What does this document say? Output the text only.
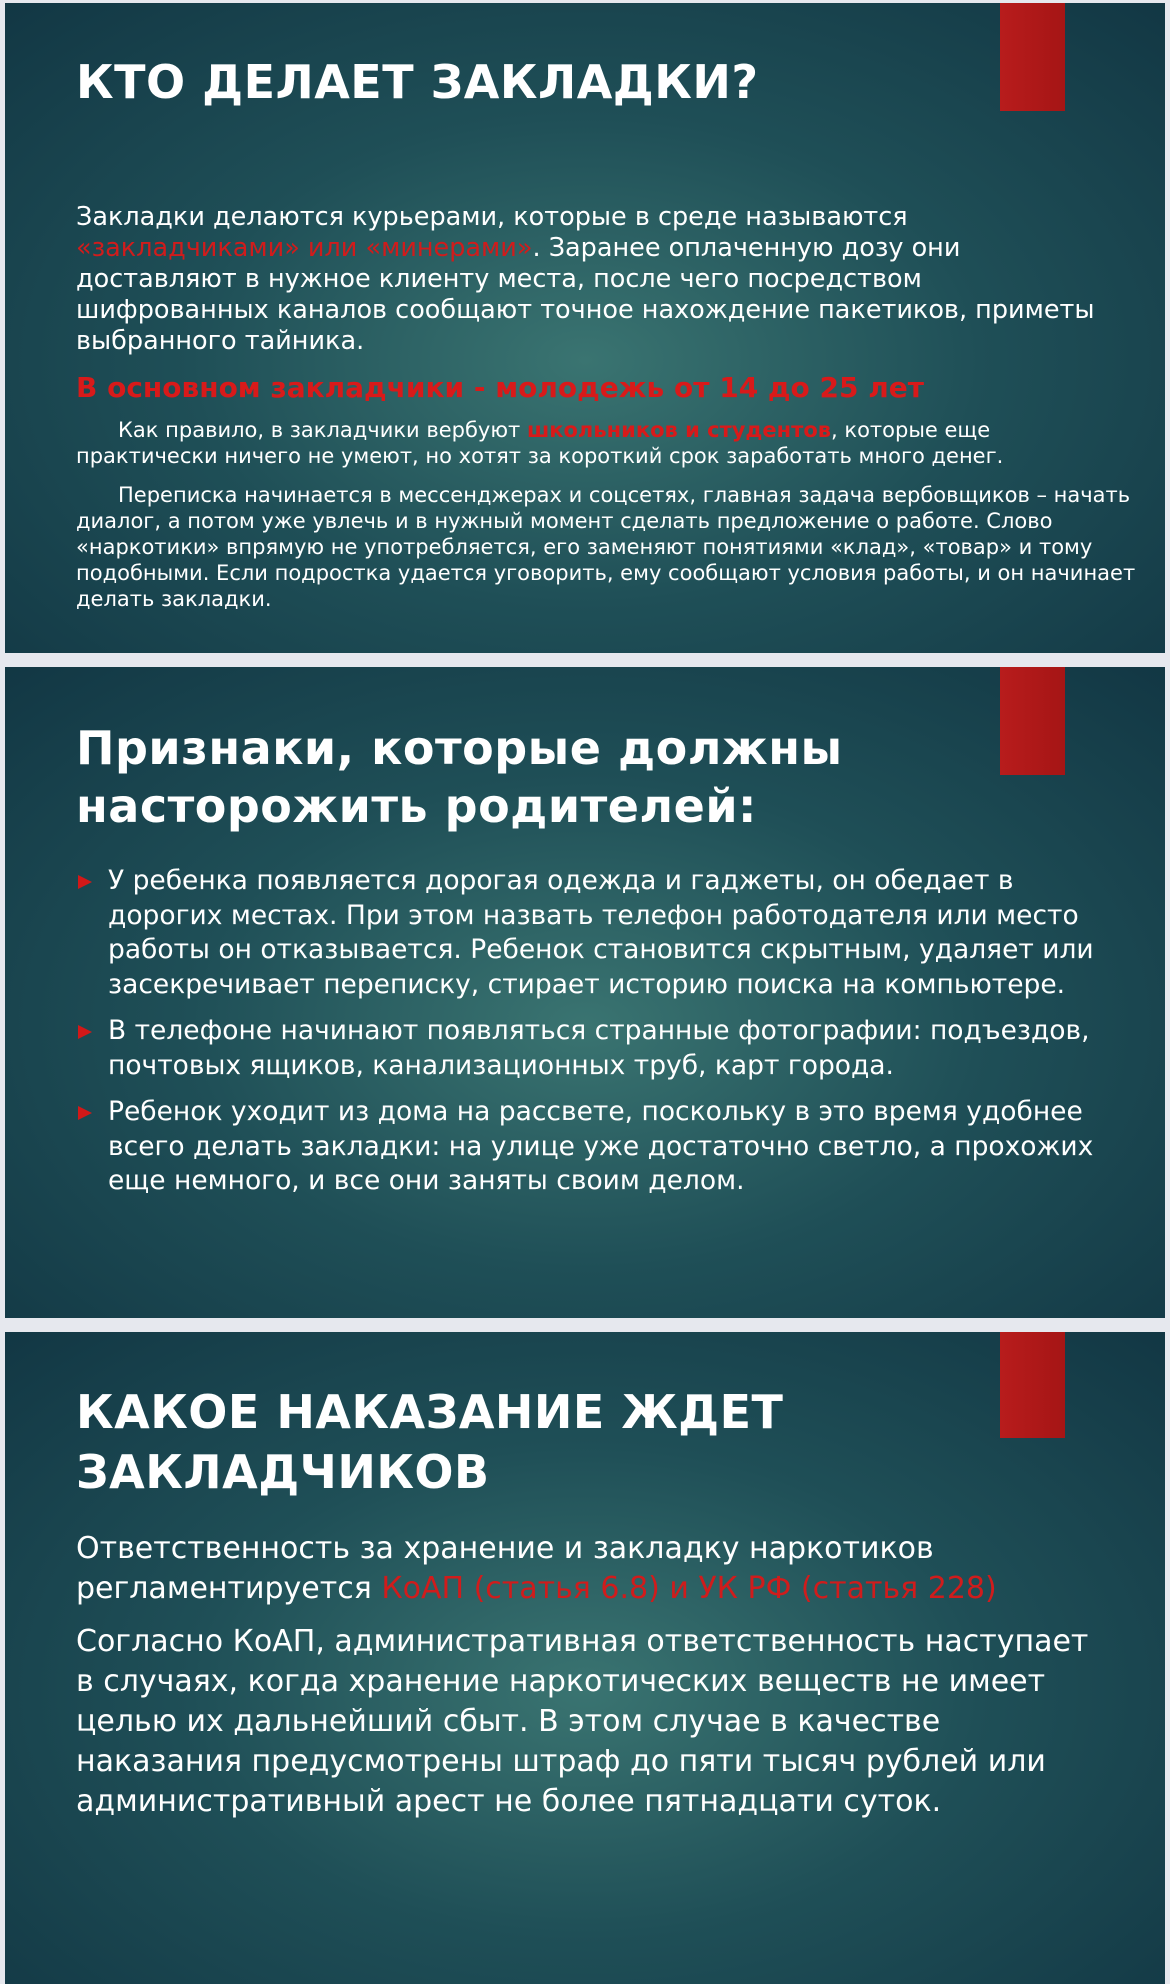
КТО ДЕЛАЕТ ЗАКЛАДКИ?

Закладки делаются курьерами, которые в среде называются «закладчиками» или «минерами». Заранее оплаченную дозу они доставляют в нужное клиенту места, после чего посредством шифрованных каналов сообщают точное нахождение пакетиков, приметы выбранного тайника.

В основном закладчики - молодежь от 14 до 25 лет

Как правило, в закладчики вербуют школьников и студентов, которые еще практически ничего не умеют, но хотят за короткий срок заработать много денег.

Переписка начинается в мессенджерах и соцсетях, главная задача вербовщиков – начать диалог, а потом уже увлечь и в нужный момент сделать предложение о работе. Слово «наркотики» впрямую не употребляется, его заменяют понятиями «клад», «товар» и тому подобными. Если подростка удается уговорить, ему сообщают условия работы, и он начинает делать закладки.

Признаки, которые должны насторожить родителей:
У ребенка появляется дорогая одежда и гаджеты, он обедает в дорогих местах. При этом назвать телефон работодателя или место работы он отказывается. Ребенок становится скрытным, удаляет или засекречивает переписку, стирает историю поиска на компьютере.
В телефоне начинают появляться странные фотографии: подъездов, почтовых ящиков, канализационных труб, карт города.
Ребенок уходит из дома на рассвете, поскольку в это время удобнее всего делать закладки: на улице уже достаточно светло, а прохожих еще немного, и все они заняты своим делом.
КАКОЕ НАКАЗАНИЕ ЖДЕТ ЗАКЛАДЧИКОВ

Ответственность за хранение и закладку наркотиков регламентируется КоАП (статья 6.8) и УК РФ (статья 228)

Согласно КоАП, административная ответственность наступает в случаях, когда хранение наркотических веществ не имеет целью их дальнейший сбыт. В этом случае в качестве наказания предусмотрены штраф до пяти тысяч рублей или административный арест не более пятнадцати суток.
